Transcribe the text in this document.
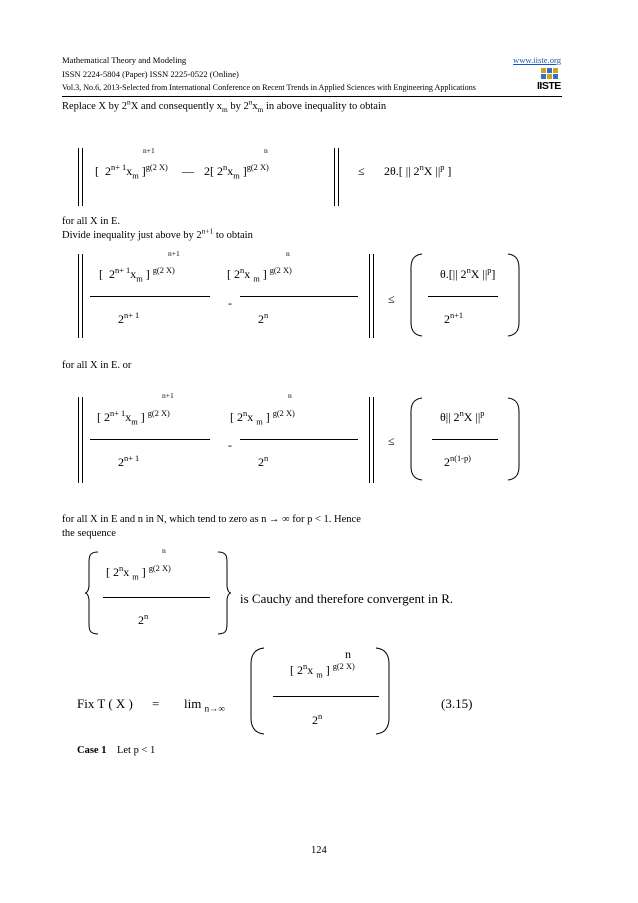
Mathematical Theory and Modeling	www.iiste.org
ISSN 2224-5804 (Paper) ISSN 2225-0522 (Online)
Vol.3, No.6, 2013-Selected from International Conference on Recent Trends in Applied Sciences with Engineering Applications	IISTE
Replace X by 2$^n$X and consequently $x_m$ by $2^nx_m$ in above inequality to obtain
n+1	n
[ $2^{n+ 1}x_m$ ]$^{g(2 X)}$ — 2[ $2^nx_m$ ]$^{g(2 X)}$	≤ 2θ.[ || 2$^n$X $||^p$ ]
for all X in E.
Divide inequality just above by $2^{n+1}$ to obtain
n+1	n
[ $2^{n+ 1}x_m$ ] $^{g(2 X)}$
$2^{n+ 1}$
-
[ 2$^n$x $_m$ ] $^{g(2 X)}$
$2^n$
≤
θ.[|| 2$^n$X $||^p$]
$2^{n+1}$
for all X in E. or
n+1	n
[ $2^{n+ 1}x_m$ ] $^{g(2 X)}$
$2^{n+ 1}$
-
[ 2$^n$x $_m$ ] $^{g(2 X)}$
$2^n$
≤
θ|| 2$^n$X $||^p$
$2^{n(1-p)}$
for all X in E and n in N, which tend to zero as n → ∞ for p < 1. Hence
the sequence
n
[ 2$^n$x $_m$ ] $^{g(2 X)}$
2$^n$
is Cauchy and therefore convergent in R.
n
[ 2$^n$x $_m$ ] $^{g(2 X)}$
2$^n$
Fix T ( X ) = lim $_{n\to\infty}$	(3.15)
Case 1 Let p < 1
124
